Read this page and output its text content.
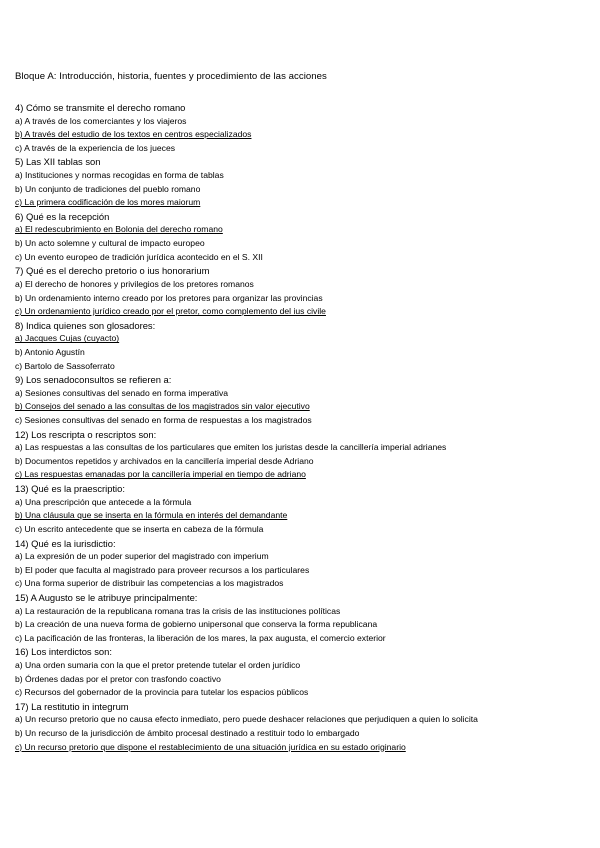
Bloque A: Introducción, historia, fuentes y procedimiento de las acciones
4) Cómo se transmite el derecho romano
a) A través de los comerciantes y los viajeros
b) A través del estudio de los textos en centros especializados
c) A través de la experiencia de los jueces
5) Las XII tablas son
a) Instituciones y normas recogidas en forma de tablas
b) Un conjunto de tradiciones del pueblo romano
c) La primera codificación de los mores maiorum
6) Qué es la recepción
a) El redescubrimiento en Bolonia del derecho romano
b) Un acto solemne y cultural de impacto europeo
c) Un evento europeo de tradición jurídica acontecido en el S. XII
7) Qué es el derecho pretorio o ius honorarium
a) El derecho de honores y privilegios de los pretores romanos
b) Un ordenamiento interno creado por los pretores para organizar las provincias
c) Un ordenamiento jurídico creado por el pretor, como complemento del ius civile
8) Indica quienes son glosadores:
a) Jacques Cujas (cuyacto)
b) Antonio Agustín
c) Bartolo de Sassoferrato
9) Los senadoconsultos se refieren a:
a) Sesiones consultivas del senado en forma imperativa
b) Consejos del senado a las consultas de los magistrados sin valor ejecutivo
c) Sesiones consultivas del senado en forma de respuestas a los magistrados
12) Los rescripta o rescriptos son:
a) Las respuestas a las consultas de los particulares que emiten los juristas desde la cancillería imperial adrianes
b) Documentos repetidos y archivados en la cancillería imperial desde Adriano
c) Las respuestas emanadas por la cancillería imperial en tiempo de adriano
13) Qué es la praescriptio:
a) Una prescripción que antecede a la fórmula
b) Una cláusula que se inserta en la fórmula en interés del demandante
c) Un escrito antecedente que se inserta en cabeza de la fórmula
14) Qué es la iurisdictio:
a) La expresión de un poder superior del magistrado con imperium
b) El poder que faculta al magistrado para proveer recursos a los particulares
c) Una forma superior de distribuir las competencias a los magistrados
15) A Augusto se le atribuye principalmente:
a) La restauración de la republicana romana tras la crisis de las instituciones políticas
b) La creación de una nueva forma de gobierno unipersonal que conserva la forma republicana
c) La pacificación de las fronteras, la liberación de los mares, la pax augusta, el comercio exterior
16) Los interdictos son:
a) Una orden sumaria con la que el pretor pretende tutelar el orden jurídico
b) Órdenes dadas por el pretor con trasfondo coactivo
c) Recursos del gobernador de la provincia para tutelar los espacios públicos
17) La restitutio in integrum
a) Un recurso pretorio que no causa efecto inmediato, pero puede deshacer relaciones que perjudiquen a quien lo solicita
b) Un recurso de la jurisdicción de ámbito procesal destinado a restituir todo lo embargado
c) Un recurso pretorio que dispone el restablecimiento de una situación jurídica en su estado originario
